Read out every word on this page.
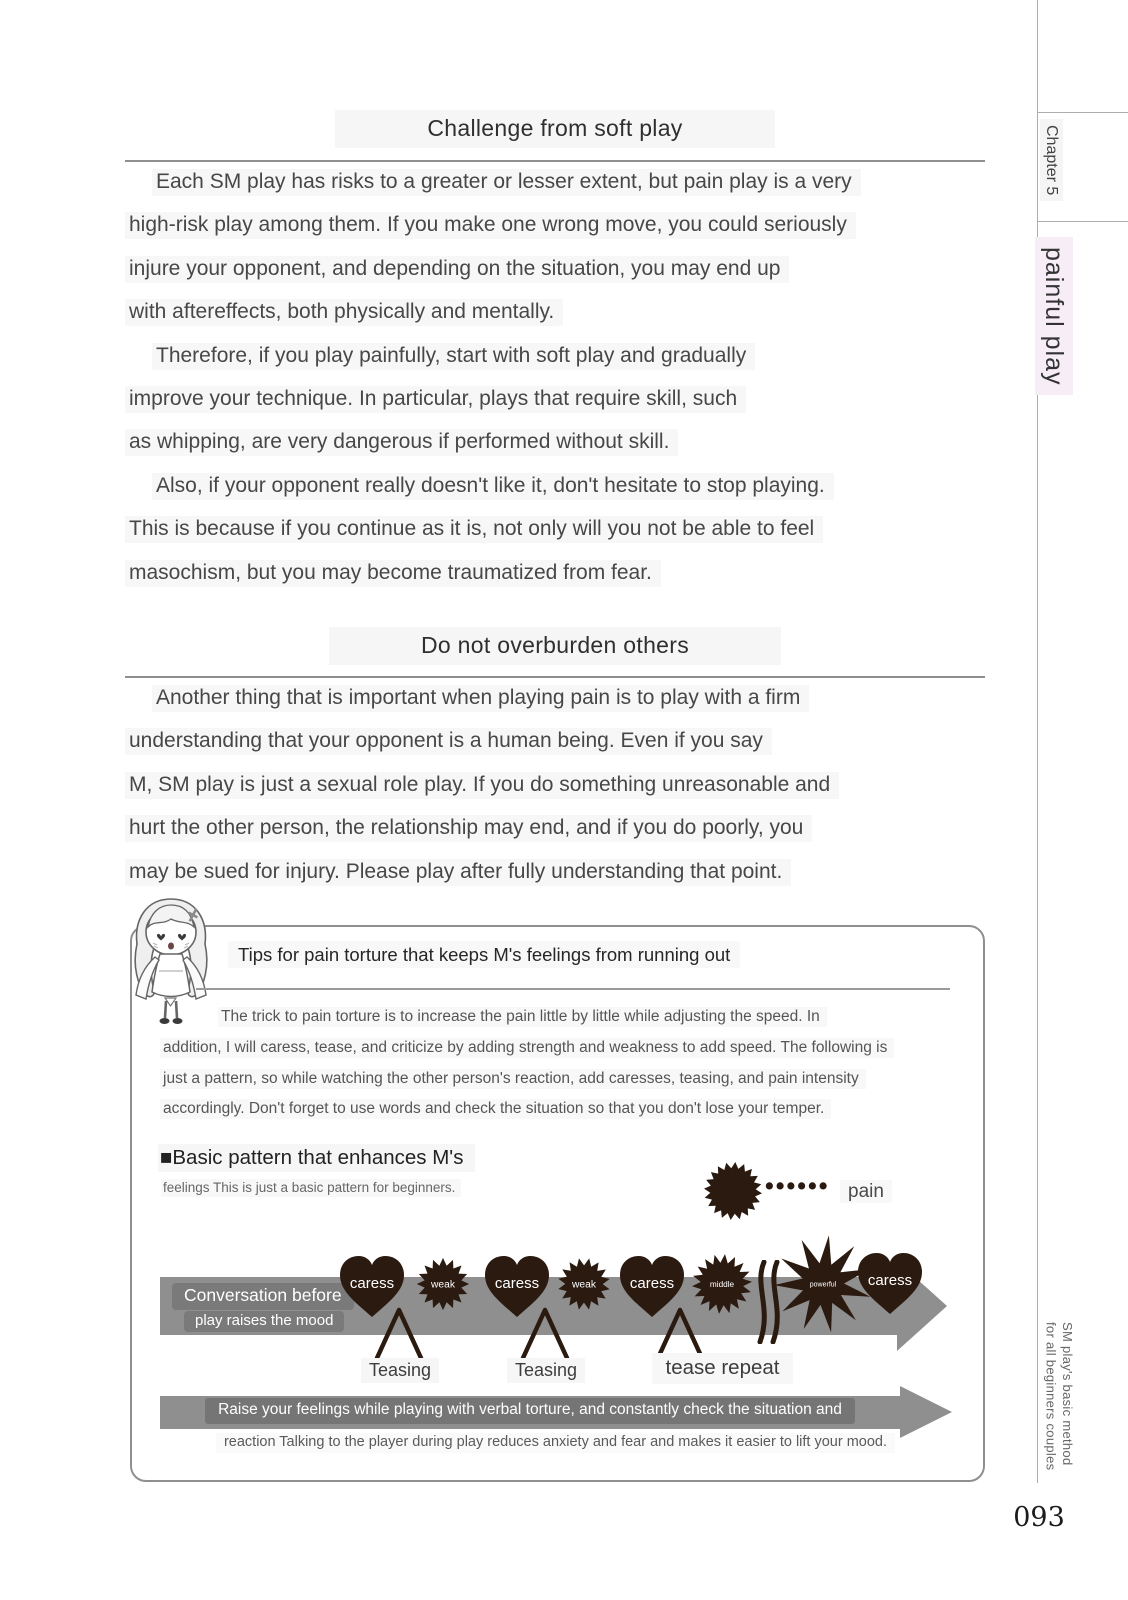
Challenge from soft play
Each SM play has risks to a greater or lesser extent, but pain play is a very
high-risk play among them. If you make one wrong move, you could seriously
injure your opponent, and depending on the situation, you may end up
with aftereffects, both physically and mentally.
Therefore, if you play painfully, start with soft play and gradually
improve your technique. In particular, plays that require skill, such
as whipping, are very dangerous if performed without skill.
Also, if your opponent really doesn't like it, don't hesitate to stop playing.
This is because if you continue as it is, not only will you not be able to feel
masochism, but you may become traumatized from fear.
Do not overburden others
Another thing that is important when playing pain is to play with a firm
understanding that your opponent is a human being. Even if you say
M, SM play is just a sexual role play. If you do something unreasonable and
hurt the other person, the relationship may end, and if you do poorly, you
may be sued for injury. Please play after fully understanding that point.
Tips for pain torture that keeps M's feelings from running out
The trick to pain torture is to increase the pain little by little while adjusting the speed. In
addition, I will caress, tease, and criticize by adding strength and weakness to add speed. The following is
just a pattern, so while watching the other person's reaction, add caresses, teasing, and pain intensity
accordingly. Don't forget to use words and check the situation so that you don't lose your temper.
■Basic pattern that enhances M's
feelings This is just a basic pattern for beginners.	•••••• pain
Conversation before
play raises the mood
powerful
weak	weak	middle
caress	caress	caress	caress
Teasing	Teasing	tease repeat
Raise your feelings while playing with verbal torture, and constantly check the situation and
reaction Talking to the player during play reduces anxiety and fear and makes it easier to lift your mood.
Chapter 5
painful play
SM play's basic method
for all beginners couples
093
